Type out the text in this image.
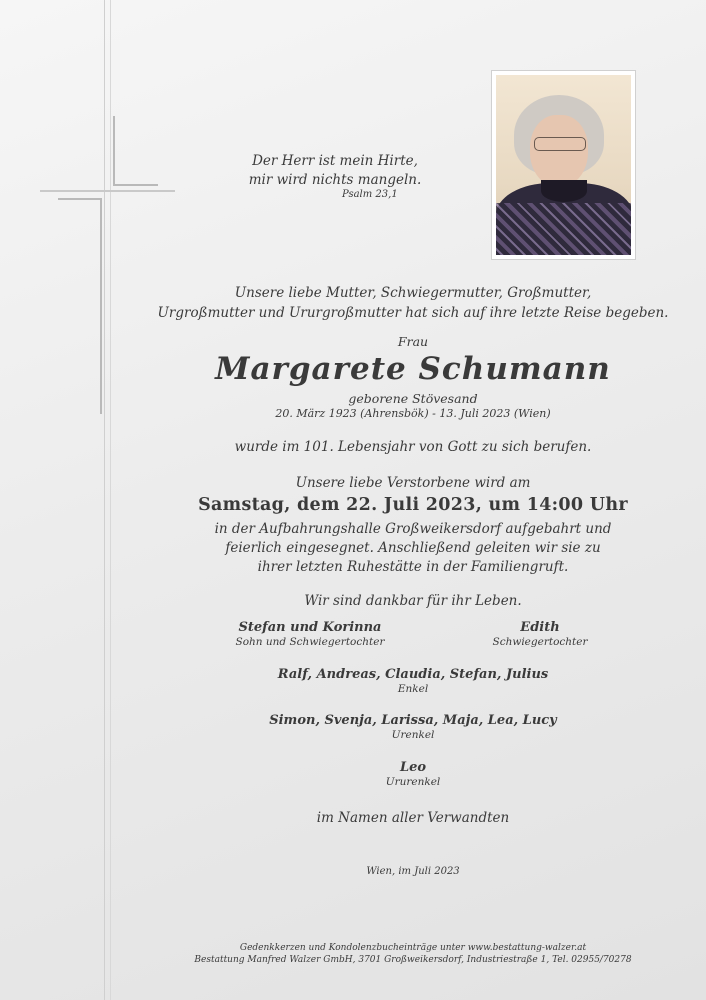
Der Herr ist mein Hirte,
mir wird nichts mangeln.
Psalm 23,1
Unsere liebe Mutter, Schwiegermutter, Großmutter,
Urgroßmutter und Ururgroßmutter hat sich auf ihre letzte Reise begeben.
Frau
Margarete Schumann
geborene Stövesand
20. März 1923 (Ahrensbök) - 13. Juli 2023 (Wien)
wurde im 101. Lebensjahr von Gott zu sich berufen.
Unsere liebe Verstorbene wird am
Samstag, dem 22. Juli 2023, um 14:00 Uhr
in der Aufbahrungshalle Großweikersdorf aufgebahrt und
feierlich eingesegnet. Anschließend geleiten wir sie zu
ihrer letzten Ruhestätte in der Familiengruft.
Wir sind dankbar für ihr Leben.
Stefan und Korinna
Sohn und Schwiegertochter
Edith
Schwiegertochter
Ralf, Andreas, Claudia, Stefan, Julius
Enkel
Simon, Svenja, Larissa, Maja, Lea, Lucy
Urenkel
Leo
Ururenkel
im Namen aller Verwandten
Wien, im Juli 2023
Gedenkkerzen und Kondolenzbucheinträge unter www.bestattung-walzer.at
Bestattung Manfred Walzer GmbH, 3701 Großweikersdorf, Industriestraße 1, Tel. 02955/70278
